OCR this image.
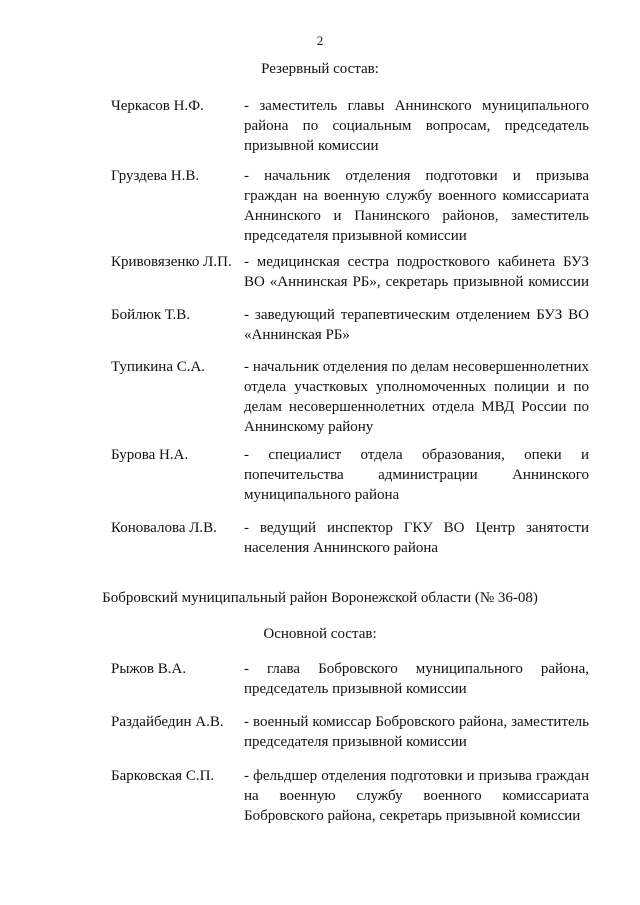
2
Резервный состав:
Черкасов Н.Ф.	- заместитель главы Аннинского муниципального
района по социальным вопросам, председатель
призывной комиссии
Груздева Н.В.	- начальник отделения подготовки и призыва
граждан на военную службу военного комиссариата
Аннинского и Панинского районов, заместитель
председателя призывной комиссии
Кривовязенко Л.П. - медицинская сестра подросткового кабинета БУЗ
ВО «Аннинская РБ», секретарь призывной комиссии
Бойлюк Т.В.	- заведующий терапевтическим отделением БУЗ ВО
«Аннинская РБ»
Тупикина С.А.	- начальник отделения по делам несовершеннолетних
отдела участковых уполномоченных полиции и по
делам несовершеннолетних отдела МВД России по
Аннинскому району
Бурова Н.А.	- специалист отдела образования, опеки и
попечительства администрации Аннинского
муниципального района
Коновалова Л.В. - ведущий инспектор ГКУ ВО Центр занятости
населения Аннинского района
Бобровский муниципальный район Воронежской области (№ 36-08)
Основной состав:
Рыжов В.А.	- глава Бобровского муниципального района,
председатель призывной комиссии
Раздайбедин А.В. - военный комиссар Бобровского района, заместитель
председателя призывной комиссии
Барковская С.П. - фельдшер отделения подготовки и призыва граждан
на военную службу военного комиссариата
Бобровского района, секретарь призывной комиссии
